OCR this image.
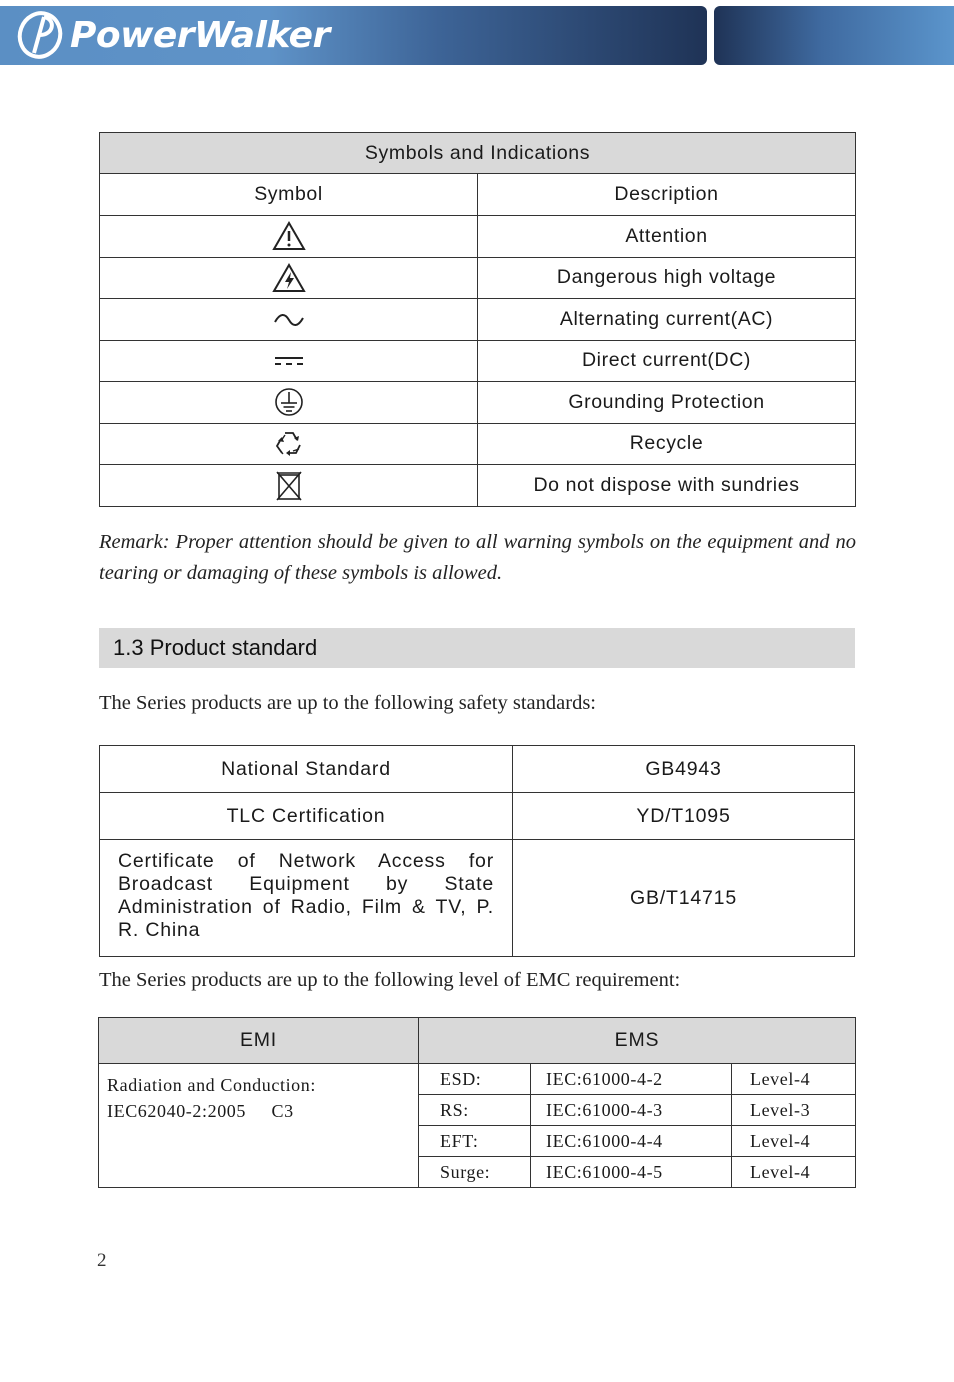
PowerWalker
Symbols and Indications	
Symbol	Description
	Attention
	Dangerous high voltage
	Alternating current(AC)
	Direct current(DC)
	Grounding Protection
	Recycle
	Do not dispose with sundries
Remark: Proper attention should be given to all warning symbols on the equipment and no tearing or damaging of these symbols is allowed.
1.3 Product standard
The Series products are up to the following safety standards:
National Standard	GB4943
TLC Certification	YD/T1095
Certificate of Network Access for Broadcast Equipment by State Administration of Radio, Film & TV, P. R. China	GB/T14715
The Series products are up to the following level of EMC requirement:
EMI	EMS		

Radiation and Conduction:
IEC62040-2:2005     C3	ESD:	IEC:61000-4-2	Level-4
	RS:	IEC:61000-4-3	Level-3
	EFT:	IEC:61000-4-4	Level-4
	Surge:	IEC:61000-4-5	Level-4
2
